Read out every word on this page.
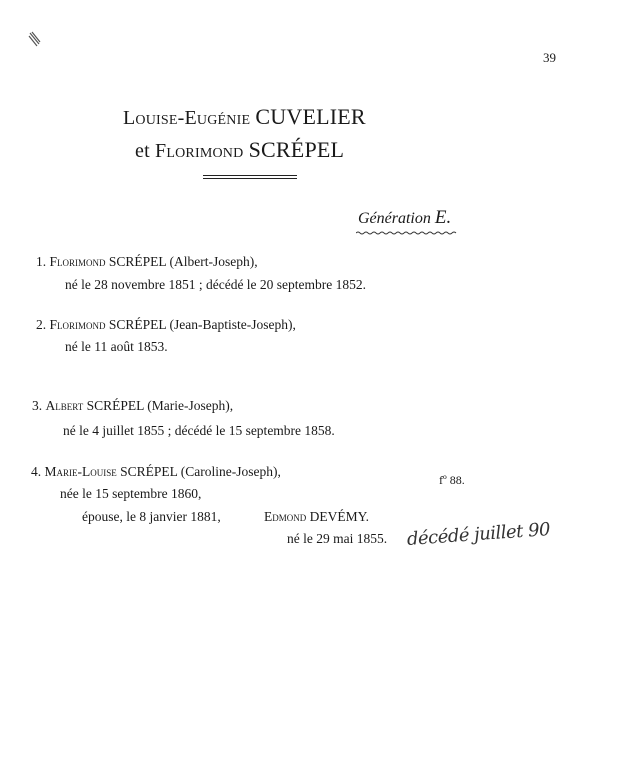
39
Louise-Eugénie CUVELIER
et Florimond SCRÉPEL
Génération E.
1. Florimond SCRÉPEL (Albert-Joseph),
né le 28 novembre 1851 ; décédé le 20 septembre 1852.
2. Florimond SCRÉPEL (Jean-Baptiste-Joseph),
né le 11 août 1853.
3. Albert SCRÉPEL (Marie-Joseph),
né le 4 juillet 1855 ; décédé le 15 septembre 1858.
4. Marie-Louise SCRÉPEL (Caroline-Joseph),
fº 88.
née le 15 septembre 1860,
épouse, le 8 janvier 1881,	Edmond DEVÉMY.
né le 29 mai 1855. décédé juillet 90
